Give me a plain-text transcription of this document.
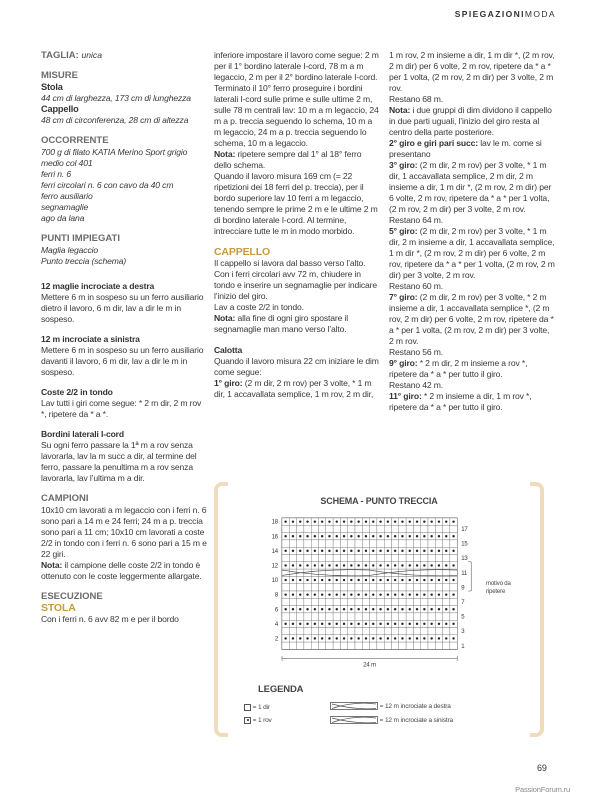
SPIEGAZIONIMODA
TAGLIA: unica
MISURE
Stola

44 cm di larghezza, 173 cm di lunghezza

Cappello

48 cm di circonferenza, 28 cm di altezza

OCCORRENTE

700 g di filato KATIA Merino Sport grigio

medio col 401

ferri n. 6

ferri circolari n. 6 con cavo da 40 cm

ferro ausiliario

segnamaglie

ago da lana

PUNTI IMPIEGATI

Maglia legaccio

Punto treccia (schema)

12 maglie incrociate a destra

Mettere 6 m in sospeso su un ferro ausiliario dietro il lavoro, 6 m dir, lav a dir le m in sospeso.

12 m incrociate a sinistra

Mettere 6 m in sospeso su un ferro ausiliario davanti il lavoro, 6 m dir, lav a dir le m in sospeso.

Coste 2/2 in tondo

Lav tutti i giri come segue: * 2 m dir, 2 m rov *, ripetere da * a *.

Bordini laterali I-cord

Su ogni ferro passare la 1ª m a rov senza lavorarla, lav la m succ a dir, al termine del ferro, passare la penultima m a rov senza lavorarla, lav l’ultima m a dir.

CAMPIONI

10x10 cm lavorati a m legaccio con i ferri n. 6 sono pari a 14 m e 24 ferri; 24 m a p. treccia sono pari a 11 cm; 10x10 cm lavorati a coste 2/2 in tondo con i ferri n. 6 sono pari a 15 m e 22 giri.

Nota: il campione delle coste 2/2 in tondo è ottenuto con le coste leggermente allargate.

ESECUZIONE
STOLA

Con i ferri n. 6 avv 82 m e per il bordo

inferiore impostare il lavoro come segue: 2 m per il 1° bordino laterale I-cord, 78 m a m legaccio, 2 m per il 2° bordino laterale I-cord.

Terminato il 10° ferro proseguire i bordini laterali I-cord sulle prime e sulle ultime 2 m, sulle 78 m centrali lav: 10 m a m legaccio, 24 m a p. treccia seguendo lo schema, 10 m a m legaccio, 24 m a p. treccia seguendo lo schema, 10 m a legaccio.

Nota: ripetere sempre dal 1° al 18° ferro dello schema.

Quando il lavoro misura 169 cm (= 22 ripetizioni dei 18 ferri del p. treccia), per il bordo superiore lav 10 ferri a m legaccio, tenendo sempre le prime 2 m e le ultime 2 m di bordino laterale I-cord. Al termine, intrecciare tutte le m in modo morbido.

CAPPELLO

Il cappello si lavora dal basso verso l’alto. Con i ferri circolari avv 72 m, chiudere in tondo e inserire un segnamaglie per indicare l’inizio del giro.

Lav a coste 2/2 in tondo.

Nota: alla fine di ogni giro spostare il segnamaglie man mano verso l’alto.

Calotta

Quando il lavoro misura 22 cm iniziare le dim come segue:

1° giro: (2 m dir, 2 m rov) per 3 volte, * 1 m dir, 1 accavallata semplice, 1 m rov, 2 m dir,

1 m rov, 2 m insieme a dir, 1 m dir *, (2 m rov, 2 m dir) per 6 volte, 2 m rov, ripetere da * a * per 1 volta, (2 m rov, 2 m dir) per 3 volte, 2 m rov.

Restano 68 m.

Nota: i due gruppi di dim dividono il cappello in due parti uguali, l’inizio del giro resta al centro della parte posteriore.

2° giro e giri pari succ: lav le m. come si presentano

3° giro: (2 m dir, 2 m rov) per 3 volte, * 1 m dir, 1 accavallata semplice, 2 m dir, 2 m insieme a dir, 1 m dir *, (2 m rov, 2 m dir) per 6 volte, 2 m rov, ripetere da * a * per 1 volta, (2 m rov, 2 m dir) per 3 volte, 2 m rov.

Restano 64 m.

5° giro: (2 m dir, 2 m rov) per 3 volte, * 1 m dir, 2 m insieme a dir, 1 accavallata semplice, 1 m dir *, (2 m rov, 2 m dir) per 6 volte, 2 m rov, ripetere da * a * per 1 volta, (2 m rov, 2 m dir) per 3 volte, 2 m rov.

Restano 60 m.

7° giro: (2 m dir, 2 m rov) per 3 volte, * 2 m insieme a dir, 1 accavallata semplice *, (2 m rov, 2 m dir) per 6 volte, 2 m rov, ripetere da * a * per 1 volta, (2 m rov, 2 m dir) per 3 volte, 2 m rov.

Restano 56 m.

9° giro: * 2 m dir, 2 m insieme a rov *, ripetere da * a * per tutto il giro.

Restano 42 m.

11° giro: * 2 m insieme a dir, 1 m rov *, ripetere da * a * per tutto il giro.

SCHEMA - PUNTO TRECCIA
18
16
14
12
10
8
6
4
2
17
15
13
11
9
7
5
3
1
24 m
motivo da ripetere
LEGENDA
= 1 dir
= 1 rov
= 12 m incrociate a destra
= 12 m incrociate a sinistra
69
PassionForum.ru
